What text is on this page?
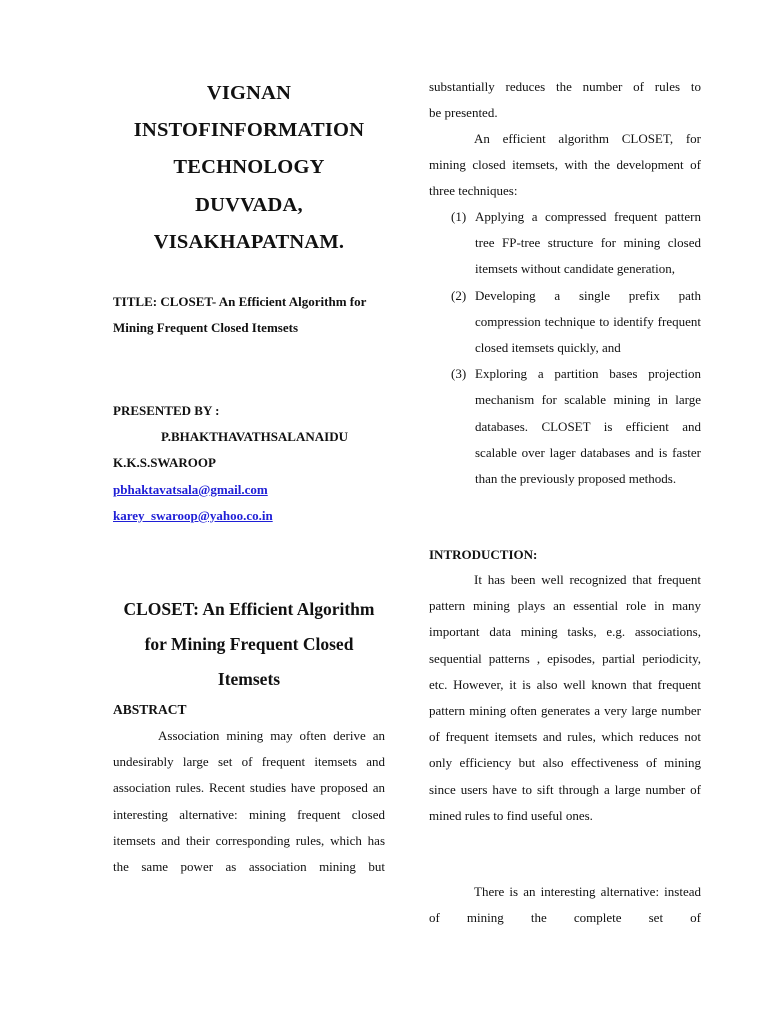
VIGNAN
INSTOFINFORMATION
TECHNOLOGY
DUVVADA,
VISAKHAPATNAM.
TITLE: CLOSET- An Efficient Algorithm for Mining Frequent Closed Itemsets
PRESENTED BY :
P.BHAKTHAVATHSALANAIDU
K.K.S.SWAROOP
pbhaktavatsala@gmail.com
karey_swaroop@yahoo.co.in
CLOSET: An Efficient Algorithm for Mining Frequent Closed Itemsets
ABSTRACT
Association mining may often derive an undesirably large set of frequent itemsets and association rules. Recent studies have proposed an interesting alternative: mining frequent closed itemsets and their corresponding rules, which has the same power as association mining but
substantially reduces the number of rules to
be presented.
An efficient algorithm CLOSET, for mining closed itemsets, with the development of three techniques:
(1) Applying a compressed frequent pattern tree FP-tree structure for mining closed itemsets without candidate generation,
(2) Developing a single prefix path compression technique to identify frequent closed itemsets quickly, and
(3) Exploring a partition bases projection mechanism for scalable mining in large databases. CLOSET is efficient and scalable over lager databases and is faster than the previously proposed methods.
INTRODUCTION:
It has been well recognized that frequent pattern mining plays an essential role in many important data mining tasks, e.g. associations, sequential patterns , episodes, partial periodicity, etc. However, it is also well known that frequent pattern mining often generates a very large number of frequent itemsets and rules, which reduces not only efficiency but also effectiveness of mining since users have to sift through a large number of mined rules to find useful ones.
There is an interesting alternative: instead of mining the complete set of
